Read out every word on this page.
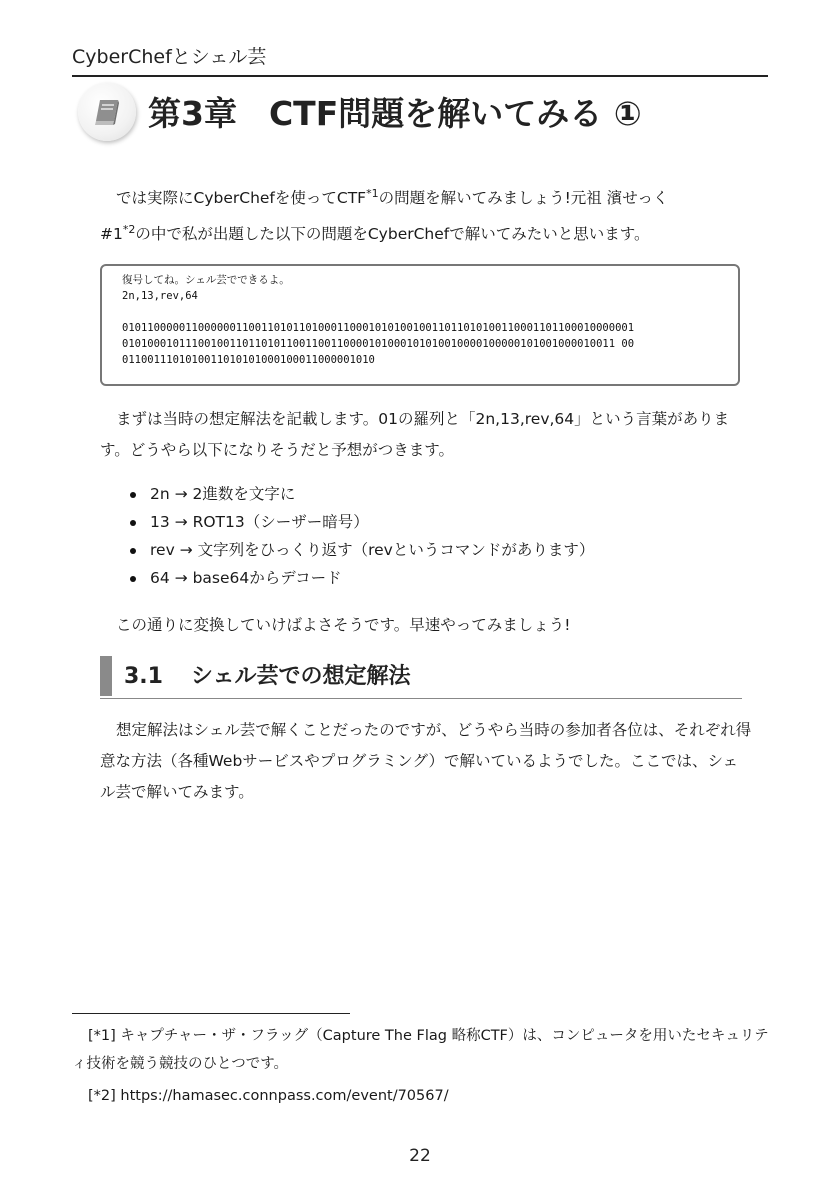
CyberChefとシェル芸
第3章 CTF問題を解いてみる ①
では実際にCyberChefを使ってCTF$^{*1}$の問題を解いてみましょう!元祖 濱せっく
#1$^{*2}$の中で私が出題した以下の問題をCyberChefで解いてみたいと思います。
復号してね。シェル芸でできるよ。
2n,13,rev,64
010110000011000000110011010110100011000101010010011011010100110001101100010000001
010100010111001001101101011001100110000101000101010010000100000101001000010011 00
0110011101010011010101000100011000001010
まずは当時の想定解法を記載します。01の羅列と「2n,13,rev,64」という言葉があります。どうやら以下になりそうだと予想がつきます。
2n → 2進数を文字に
13 → ROT13（シーザー暗号）
rev → 文字列をひっくり返す（revというコマンドがあります）
64 → base64からデコード
この通りに変換していけばよさそうです。早速やってみましょう!
3.1 シェル芸での想定解法
想定解法はシェル芸で解くことだったのですが、どうやら当時の参加者各位は、それぞれ得意な方法（各種Webサービスやプログラミング）で解いているようでした。ここでは、シェル芸で解いてみます。
[*1] キャプチャー・ザ・フラッグ（Capture The Flag 略称CTF）は、コンピュータを用いたセキュリティ技術を競う競技のひとつです。
[*2] https://hamasec.connpass.com/event/70567/
22
